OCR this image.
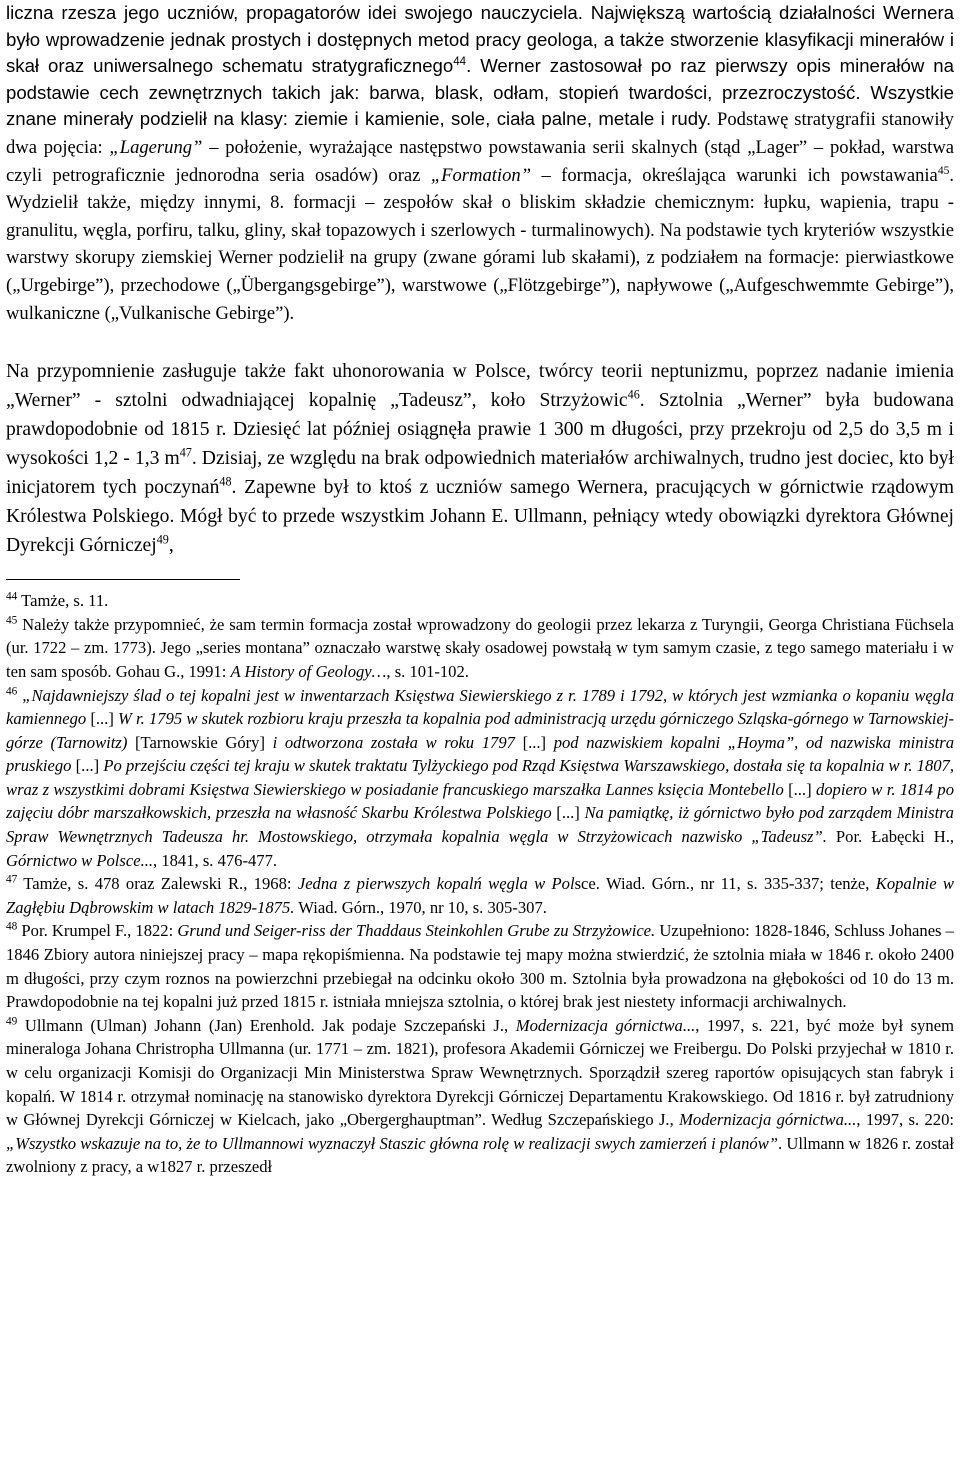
liczna rzesza jego uczniów, propagatorów idei swojego nauczyciela. Największą wartością działalności Wernera było wprowadzenie jednak prostych i dostępnych metod pracy geologa, a także stworzenie klasyfikacji minerałów i skał oraz uniwersalnego schematu stratygraficznego$^{44}$. Werner zastosował po raz pierwszy opis minerałów na podstawie cech zewnętrznych takich jak: barwa, blask, odłam, stopień twardości, przezroczystość. Wszystkie znane minerały podzielił na klasy: ziemie i kamienie, sole, ciała palne, metale i rudy. Podstawę stratygrafii stanowiły dwa pojęcia: „Lagerung” – położenie, wyrażające następstwo powstawania serii skalnych (stąd „Lager” – pokład, warstwa czyli petrograficznie jednorodna seria osadów) oraz „Formation” – formacja, określająca warunki ich powstawania$^{45}$. Wydzielił także, między innymi, 8. formacji – zespołów skał o bliskim składzie chemicznym: łupku, wapienia, trapu - granulitu, węgla, porfiru, talku, gliny, skał topazowych i szerlowych - turmalinowych). Na podstawie tych kryteriów wszystkie warstwy skorupy ziemskiej Werner podzielił na grupy (zwane górami lub skałami), z podziałem na formacje: pierwiastkowe („Urgebirge”), przechodowe („Übergangsgebirge”), warstwowe („Flötzgebirge”), napływowe („Aufgeschwemmte Gebirge”), wulkaniczne („Vulkanische Gebirge”).

Na przypomnienie zasługuje także fakt uhonorowania w Polsce, twórcy teorii neptunizmu, poprzez nadanie imienia „Werner” - sztolni odwadniającej kopalnię „Tadeusz”, koło Strzyżowic$^{46}$. Sztolnia „Werner” była budowana prawdopodobnie od 1815 r. Dziesięć lat później osiągnęła prawie 1 300 m długości, przy przekroju od 2,5 do 3,5 m i wysokości 1,2 - 1,3 $m^{47}$. Dzisiaj, ze względu na brak odpowiednich materiałów archiwalnych, trudno jest dociec, kto był inicjatorem tych poczynań$^{48}$. Zapewne był to ktoś z uczniów samego Wernera, pracujących w górnictwie rządowym Królestwa Polskiego. Mógł być to przede wszystkim Johann E. Ullmann, pełniący wtedy obowiązki dyrektora Głównej Dyrekcji Górniczej$^{49}$,

$^{44}$ Tamże, s. 11.

$^{45}$ Należy także przypomnieć, że sam termin formacja został wprowadzony do geologii przez lekarza z Turyngii, Georga Christiana Füchsela (ur. 1722 – zm. 1773). Jego „series montana” oznaczało warstwę skały osadowej powstałą w tym samym czasie, z tego samego materiału i w ten sam sposób. Gohau G., 1991: A History of Geology…, s. 101-102.

$^{46}$ „Najdawniejszy ślad o tej kopalni jest w inwentarzach Księstwa Siewierskiego z r. 1789 i 1792, w których jest wzmianka o kopaniu węgla kamiennego [...] W r. 1795 w skutek rozbioru kraju przeszła ta kopalnia pod administracją urzędu górniczego Szląska-górnego w Tarnowskiej-górze (Tarnowitz) [Tarnowskie Góry] i odtworzona została w roku 1797 [...] pod nazwiskiem kopalni „Hoyma”, od nazwiska ministra pruskiego [...] Po przejściu części tej kraju w skutek traktatu Tylżyckiego pod Rząd Księstwa Warszawskiego, dostała się ta kopalnia w r. 1807, wraz z wszystkimi dobrami Księstwa Siewierskiego w posiadanie francuskiego marszałka Lannes księcia Montebello [...] dopiero w r. 1814 po zajęciu dóbr marszałkowskich, przeszła na własność Skarbu Królestwa Polskiego [...] Na pamiątkę, iż górnictwo było pod zarządem Ministra Spraw Wewnętrznych Tadeusza hr. Mostowskiego, otrzymała kopalnia węgla w Strzyżowicach nazwisko „Tadeusz”. Por. Łabęcki H., Górnictwo w Polsce..., 1841, s. 476-477.

$^{47}$ Tamże, s. 478 oraz Zalewski R., 1968: Jedna z pierwszych kopalń węgla w Polsce. Wiad. Górn., nr 11, s. 335-337; tenże, Kopalnie w Zagłębiu Dąbrowskim w latach 1829-1875. Wiad. Górn., 1970, nr 10, s. 305-307.

$^{48}$ Por. Krumpel F., 1822: Grund und Seiger-riss der Thaddaus Steinkohlen Grube zu Strzyżowice. Uzupełniono: 1828-1846, Schluss Johanes – 1846 Zbiory autora niniejszej pracy – mapa rękopiśmienna. Na podstawie tej mapy można stwierdzić, że sztolnia miała w 1846 r. około 2400 m długości, przy czym roznos na powierzchni przebiegał na odcinku około 300 m. Sztolnia była prowadzona na głębokości od 10 do 13 m. Prawdopodobnie na tej kopalni już przed 1815 r. istniała mniejsza sztolnia, o której brak jest niestety informacji archiwalnych.

$^{49}$ Ullmann (Ulman) Johann (Jan) Erenhold. Jak podaje Szczepański J., Modernizacja górnictwa..., 1997, s. 221, być może był synem mineraloga Johana Christropha Ullmanna (ur. 1771 – zm. 1821), profesora Akademii Górniczej we Freibergu. Do Polski przyjechał w 1810 r. w celu organizacji Komisji do Organizacji Min Ministerstwa Spraw Wewnętrznych. Sporządził szereg raportów opisujących stan fabryk i kopalń. W 1814 r. otrzymał nominację na stanowisko dyrektora Dyrekcji Górniczej Departamentu Krakowskiego. Od 1816 r. był zatrudniony w Głównej Dyrekcji Górniczej w Kielcach, jako „Obergerghauptman”. Według Szczepańskiego J., Modernizacja górnictwa..., 1997, s. 220: „Wszystko wskazuje na to, że to Ullmannowi wyznaczył Staszic główna rolę w realizacji swych zamierzeń i planów”. Ullmann w 1826 r. został zwolniony z pracy, a w1827 r. przeszedł
